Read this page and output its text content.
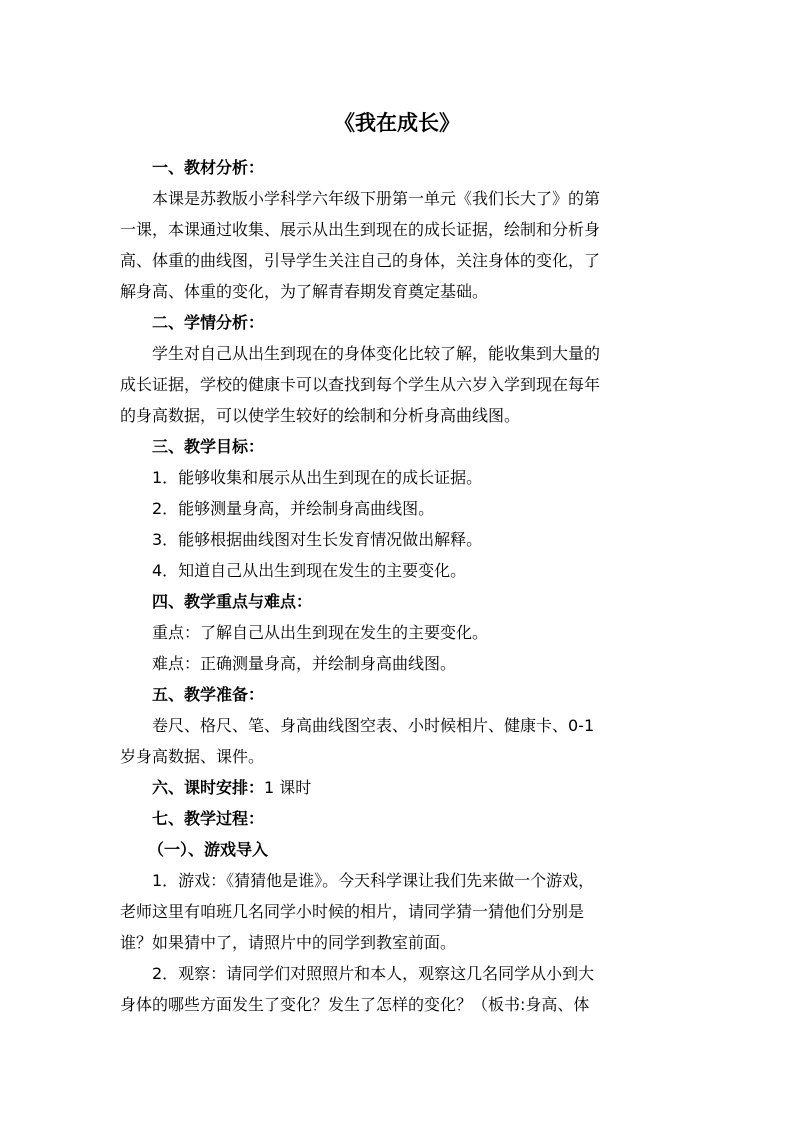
《我在成长》
一、教材分析：
本课是苏教版小学科学六年级下册第一单元《我们长大了》的第
一课，本课通过收集、展示从出生到现在的成长证据，绘制和分析身
高、体重的曲线图，引导学生关注自己的身体，关注身体的变化，了
解身高、体重的变化，为了解青春期发育奠定基础。
二、学情分析：
学生对自己从出生到现在的身体变化比较了解，能收集到大量的
成长证据，学校的健康卡可以查找到每个学生从六岁入学到现在每年
的身高数据，可以使学生较好的绘制和分析身高曲线图。
三、教学目标：
1．能够收集和展示从出生到现在的成长证据。
2．能够测量身高，并绘制身高曲线图。
3．能够根据曲线图对生长发育情况做出解释。
4．知道自己从出生到现在发生的主要变化。
四、教学重点与难点：
重点：了解自己从出生到现在发生的主要变化。
难点：正确测量身高，并绘制身高曲线图。
五、教学准备：
卷尺、格尺、笔、身高曲线图空表、小时候相片、健康卡、0-1
岁身高数据、课件。
六、课时安排：1 课时
七、教学过程：
（一）、游戏导入
1．游戏：《猜猜他是谁》。今天科学课让我们先来做一个游戏，
老师这里有咱班几名同学小时候的相片，请同学猜一猜他们分别是
谁？如果猜中了，请照片中的同学到教室前面。
2．观察：请同学们对照照片和本人，观察这几名同学从小到大
身体的哪些方面发生了变化？发生了怎样的变化？（板书:身高、体
